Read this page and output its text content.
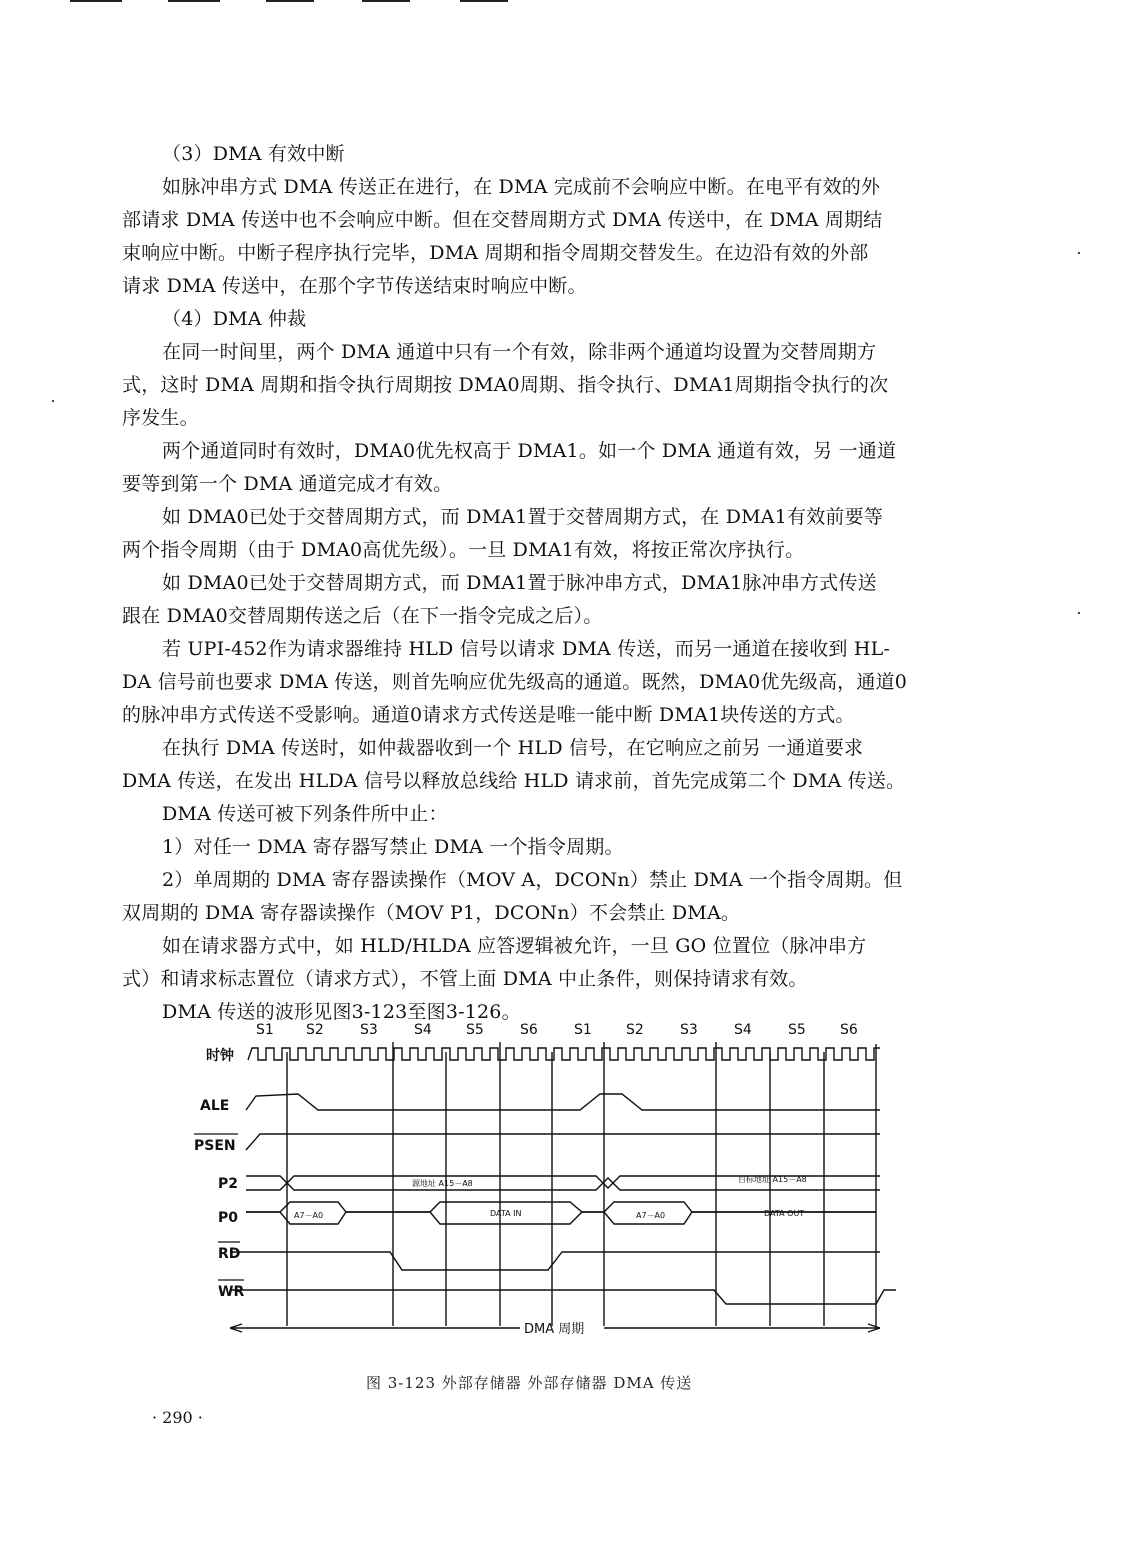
（3）DMA 有效中断
如脉冲串方式 DMA 传送正在进行，在 DMA 完成前不会响应中断。在电平有效的外
部请求 DMA 传送中也不会响应中断。但在交替周期方式 DMA 传送中，在 DMA 周期结
束响应中断。中断子程序执行完毕，DMA 周期和指令周期交替发生。在边沿有效的外部
请求 DMA 传送中，在那个字节传送结束时响应中断。
（4）DMA 仲裁
在同一时间里，两个 DMA 通道中只有一个有效，除非两个通道均设置为交替周期方
式，这时 DMA 周期和指令执行周期按 DMA0周期、指令执行、DMA1周期指令执行的次
序发生。
两个通道同时有效时，DMA0优先权高于 DMA1。如一个 DMA 通道有效，另 一通道
要等到第一个 DMA 通道完成才有效。
如 DMA0已处于交替周期方式，而 DMA1置于交替周期方式，在 DMA1有效前要等
两个指令周期（由于 DMA0高优先级）。一旦 DMA1有效，将按正常次序执行。
如 DMA0已处于交替周期方式，而 DMA1置于脉冲串方式，DMA1脉冲串方式传送
跟在 DMA0交替周期传送之后（在下一指令完成之后）。
若 UPI-452作为请求器维持 HLD 信号以请求 DMA 传送，而另一通道在接收到 HL-
DA 信号前也要求 DMA 传送，则首先响应优先级高的通道。既然，DMA0优先级高，通道0
的脉冲串方式传送不受影响。通道0请求方式传送是唯一能中断 DMA1块传送的方式。
在执行 DMA 传送时，如仲裁器收到一个 HLD 信号，在它响应之前另 一通道要求
DMA 传送，在发出 HLDA 信号以释放总线给 HLD 请求前，首先完成第二个 DMA 传送。
DMA 传送可被下列条件所中止：
1）对任一 DMA 寄存器写禁止 DMA 一个指令周期。
2）单周期的 DMA 寄存器读操作（MOV A，DCONn）禁止 DMA 一个指令周期。但
双周期的 DMA 寄存器读操作（MOV P1，DCONn）不会禁止 DMA。
如在请求器方式中，如 HLD/HLDA 应答逻辑被允许，一旦 GO 位置位（脉冲串方
式）和请求标志置位（请求方式），不管上面 DMA 中止条件，则保持请求有效。
DMA 传送的波形见图3-123至图3-126。
S1 S2	S3	S4 S5	S6	S1 S2	S3	S4	S5 S6
时钟
ALE
PSEN
P2
P0
RD
WR
源地址 A15－A8	目标地址 A15－A8
A7－A0	A7－A0
DATA IN	DATA OUT
DMA 周期
图 3-123 外部存储器 外部存储器 DMA 传送
· 290 ·
